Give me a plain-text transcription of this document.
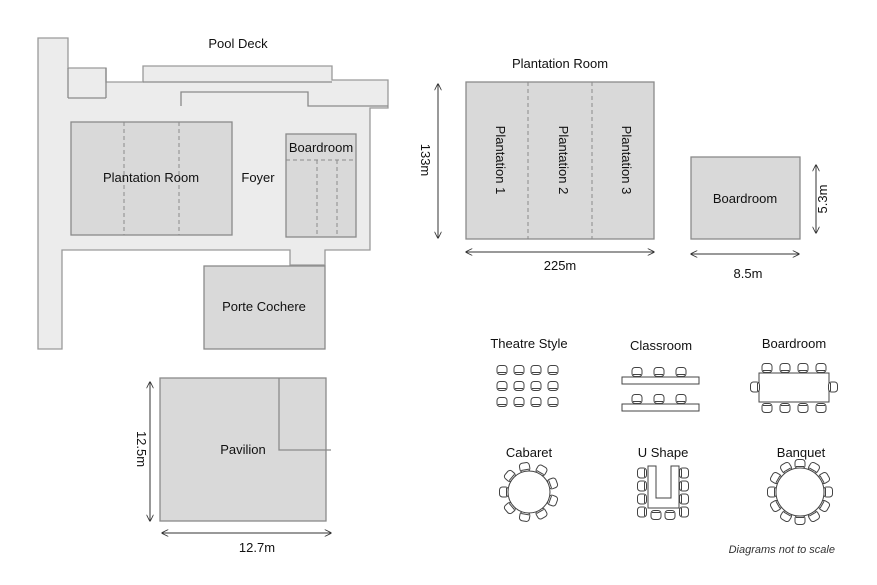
Pool Deck
Plantation Room	Foyer
Boardroom
Porte Cochere
Pavilion
12.5m
12.7m
Plantation Room
Plantation 1	Plantation 2	Plantation 3
133m
225m
Boardroom	5.3m
8.5m
Theatre Style	Classroom	Boardroom
Cabaret	U Shape	Banquet
Diagrams not to scale
